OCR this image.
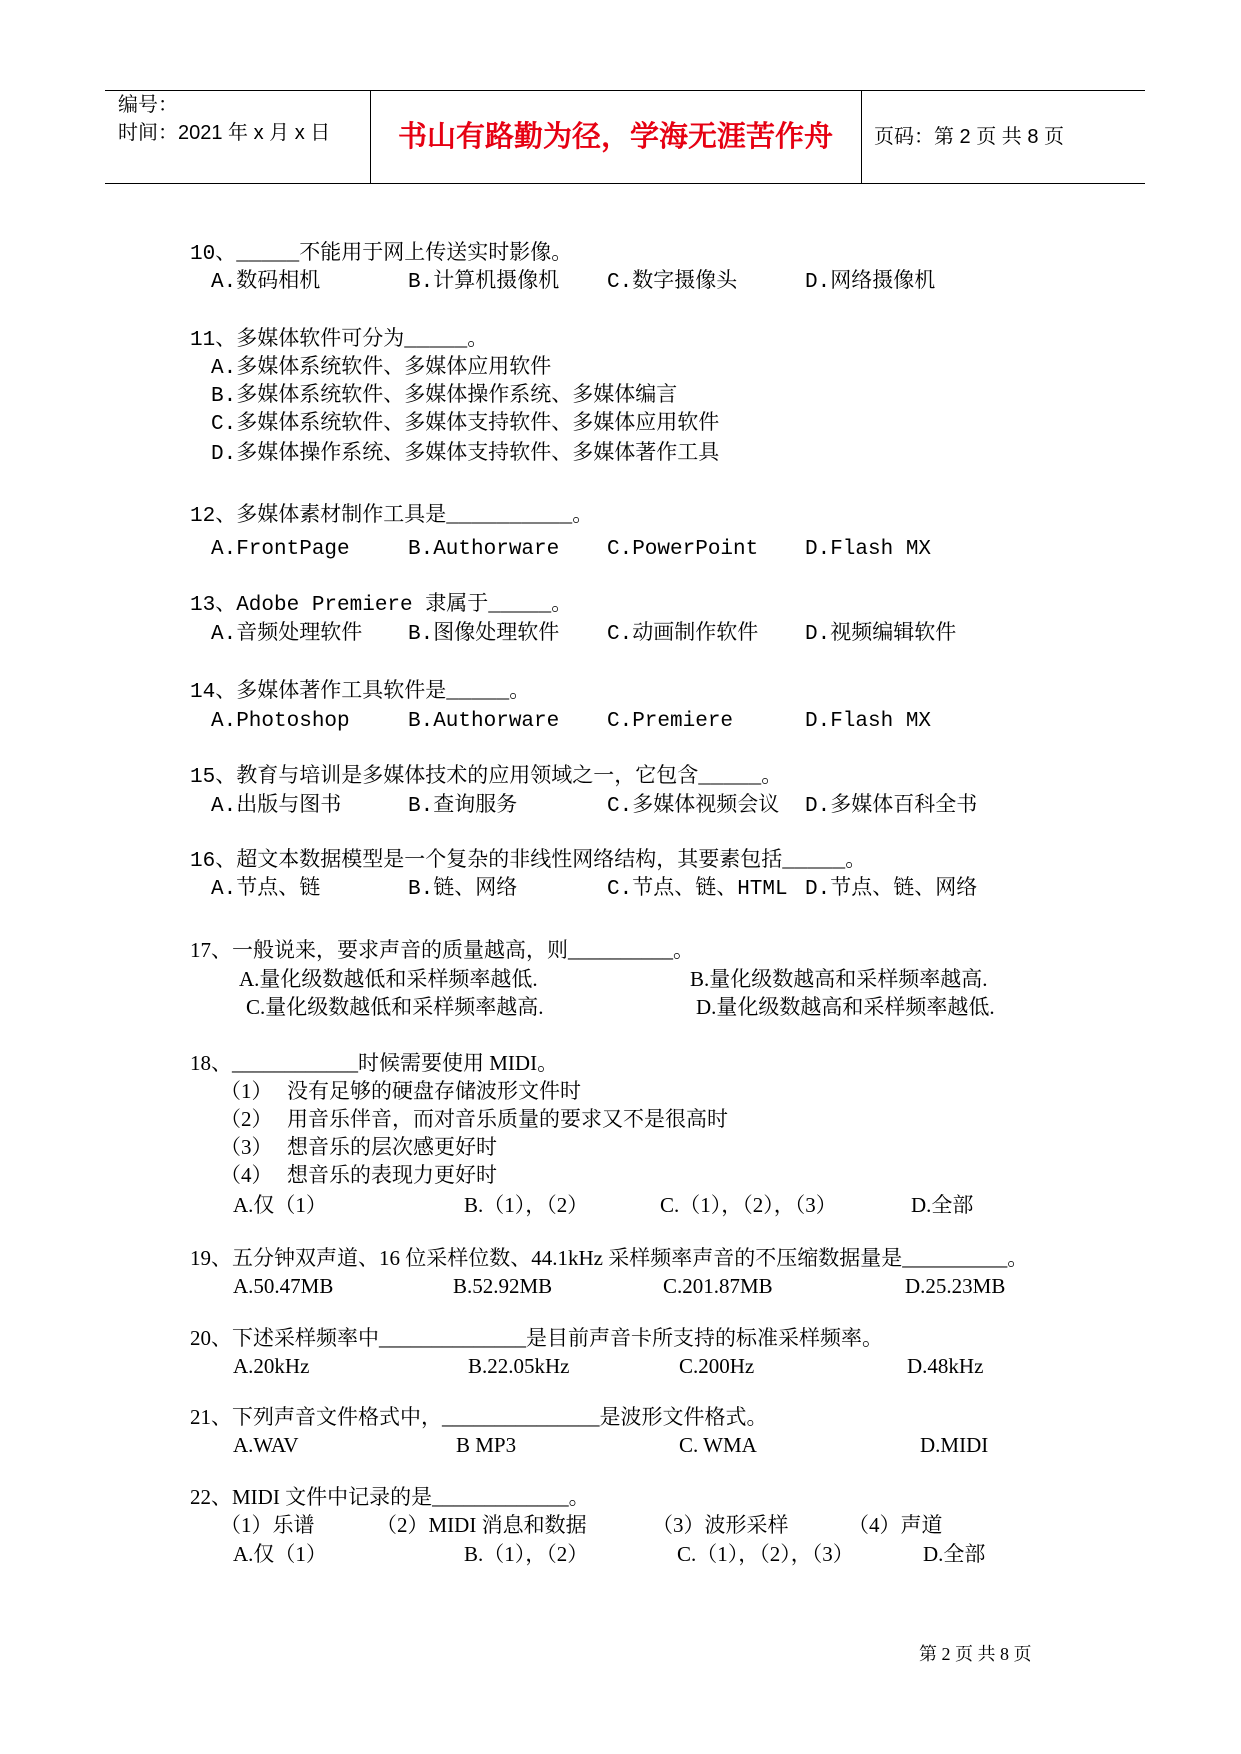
编号：
时间：2021 年 x 月 x 日	书山有路勤为径，学海无涯苦作舟	页码：第 2 页 共 8 页
10、_____不能用于网上传送实时影像。
A.数码相机	B.计算机摄像机 C.数字摄像头	D.网络摄像机
11、多媒体软件可分为_____。
A.多媒体系统软件、多媒体应用软件
B.多媒体系统软件、多媒体操作系统、多媒体编言
C.多媒体系统软件、多媒体支持软件、多媒体应用软件
D.多媒体操作系统、多媒体支持软件、多媒体著作工具
12、多媒体素材制作工具是__________。
A.FrontPage	B.Authorware C.PowerPoint D.Flash MX
13、Adobe Premiere 隶属于_____。
A.音频处理软件 B.图像处理软件 C.动画制作软件 D.视频编辑软件
14、多媒体著作工具软件是_____。
A.Photoshop	B.Authorware C.Premiere	D.Flash MX
15、教育与培训是多媒体技术的应用领域之一，它包含_____。
A.出版与图书	B.查询服务	C.多媒体视频会议 D.多媒体百科全书
16、超文本数据模型是一个复杂的非线性网络结构，其要素包括_____。
A.节点、链	B.链、网络	C.节点、链、HTML D.节点、链、网络
17、一般说来，要求声音的质量越高，则__________。
A.量化级数越低和采样频率越低.	B.量化级数越高和采样频率越高.
C.量化级数越低和采样频率越高.	D.量化级数越高和采样频率越低.
18、____________时候需要使用 MIDI。
（1） 没有足够的硬盘存储波形文件时
（2） 用音乐伴音，而对音乐质量的要求又不是很高时
（3） 想音乐的层次感更好时
（4） 想音乐的表现力更好时
A.仅（1）	B.（1），（2）	C.（1），（2），（3）	D.全部
19、五分钟双声道、16 位采样位数、44.1kHz 采样频率声音的不压缩数据量是__________。
A.50.47MB	B.52.92MB	C.201.87MB	D.25.23MB
20、下述采样频率中______________是目前声音卡所支持的标准采样频率。
A.20kHz	B.22.05kHz	C.200Hz	D.48kHz
21、下列声音文件格式中，_______________是波形文件格式。
A.WAV	B MP3	C. WMA	D.MIDI
22、MIDI 文件中记录的是_____________。
（1）乐谱	（2）MIDI 消息和数据	（3）波形采样	（4）声道
A.仅（1）	B.（1），（2）	C.（1），（2），（3）	D.全部
第 2 页 共 8 页
